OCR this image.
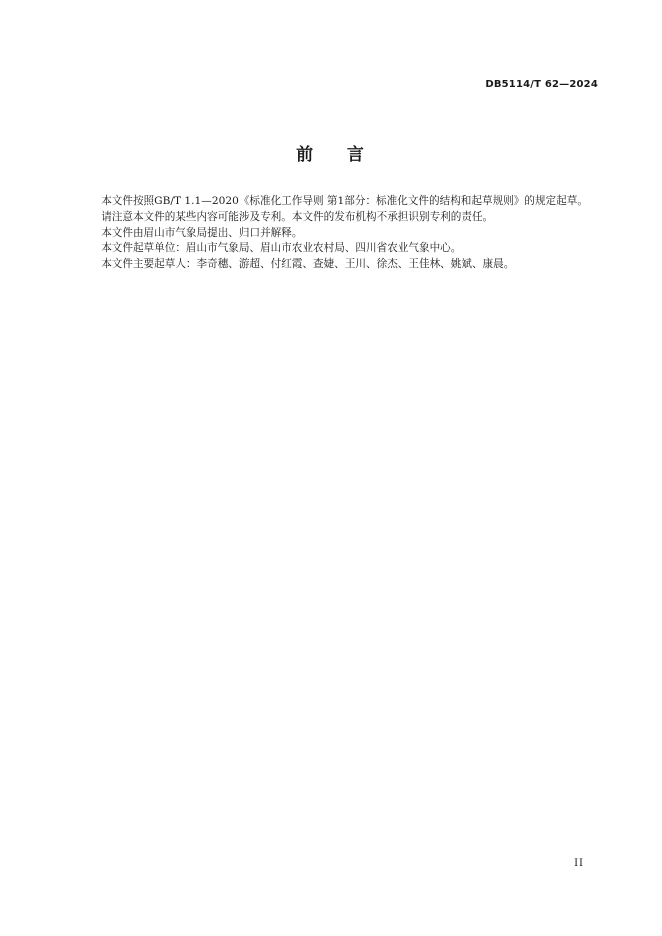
DB5114/T 62—2024
前    言

本文件按照GB/T 1.1—2020《标准化工作导则 第1部分：标准化文件的结构和起草规则》的规定起草。

请注意本文件的某些内容可能涉及专利。本文件的发布机构不承担识别专利的责任。

本文件由眉山市气象局提出、归口并解释。

本文件起草单位：眉山市气象局、眉山市农业农村局、四川省农业气象中心。

本文件主要起草人：李奇穗、游超、付红霞、查婕、王川、徐杰、王佳林、姚斌、康晨。

II
